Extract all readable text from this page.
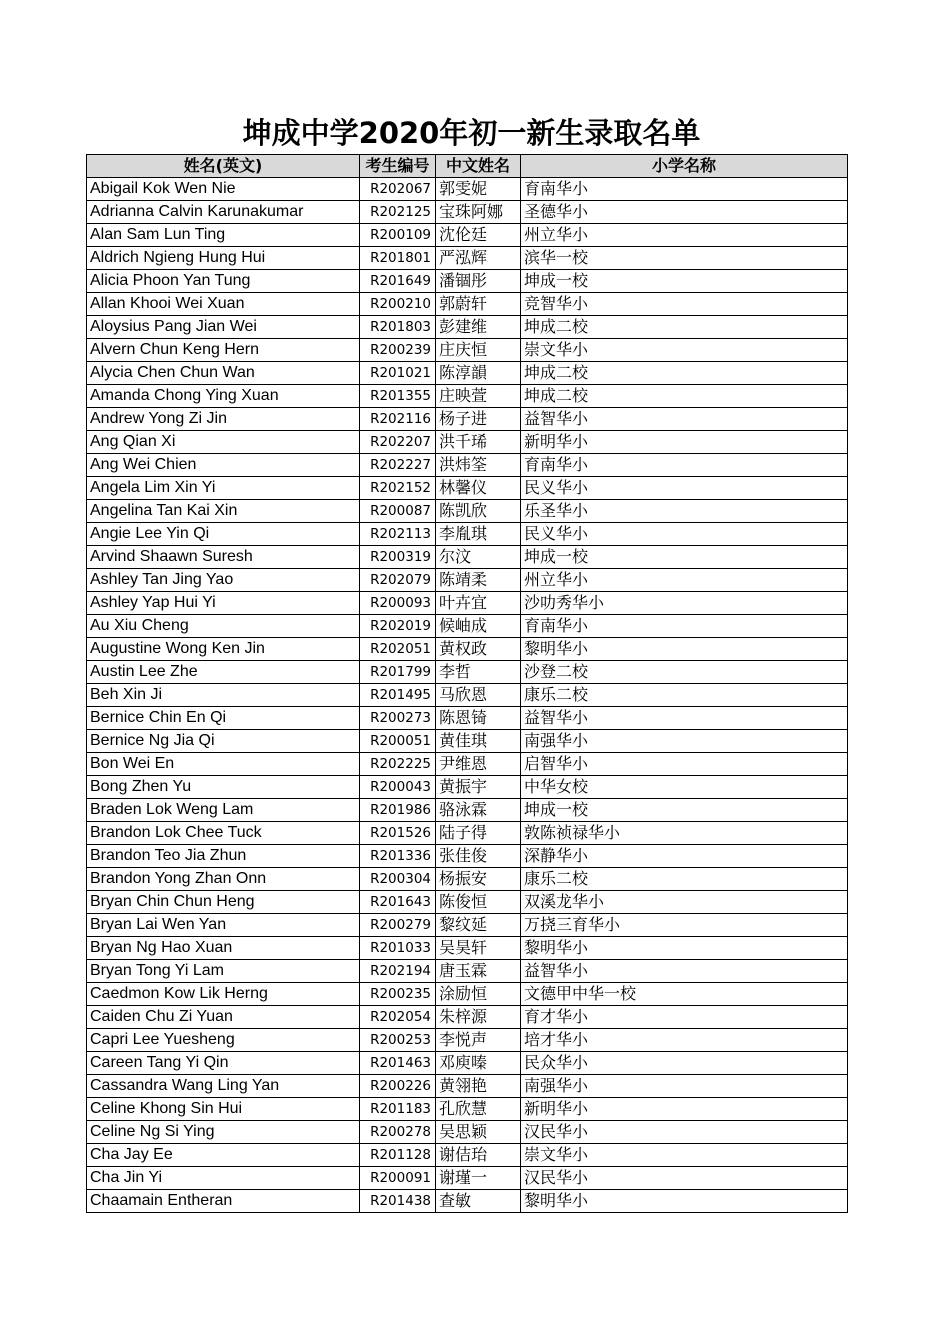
坤成中学2020年初一新生录取名单
姓名(英文)	考生编号	中文姓名	小学名称
Abigail Kok Wen Nie	R202067	郭雯妮	育南华小
Adrianna Calvin Karunakumar	R202125	宝珠阿娜	圣德华小
Alan Sam Lun Ting	R200109	沈伦廷	州立华小
Aldrich Ngieng Hung Hui	R201801	严泓辉	滨华一校
Alicia Phoon Yan Tung	R201649	潘锢彤	坤成一校
Allan Khooi Wei Xuan	R200210	郭蔚轩	竞智华小
Aloysius Pang Jian Wei	R201803	彭建维	坤成二校
Alvern Chun Keng Hern	R200239	庄庆恒	崇文华小
Alycia Chen Chun Wan	R201021	陈淳韻	坤成二校
Amanda Chong Ying Xuan	R201355	庄映萱	坤成二校
Andrew Yong Zi Jin	R202116	杨子进	益智华小
Ang Qian Xi	R202207	洪千琋	新明华小
Ang Wei Chien	R202227	洪炜筌	育南华小
Angela Lim Xin Yi	R202152	林馨仪	民义华小
Angelina Tan Kai Xin	R200087	陈凯欣	乐圣华小
Angie Lee Yin Qi	R202113	李胤琪	民义华小
Arvind Shaawn Suresh	R200319	尔汶	坤成一校
Ashley Tan Jing Yao	R202079	陈靖柔	州立华小
Ashley Yap Hui Yi	R200093	叶卉宜	沙叻秀华小
Au Xiu Cheng	R202019	候岫成	育南华小
Augustine Wong Ken Jin	R202051	黄权政	黎明华小
Austin Lee Zhe	R201799	李哲	沙登二校
Beh Xin Ji	R201495	马欣恩	康乐二校
Bernice Chin En Qi	R200273	陈恩锜	益智华小
Bernice Ng Jia Qi	R200051	黄佳琪	南强华小
Bon Wei En	R202225	尹维恩	启智华小
Bong Zhen Yu	R200043	黄振宇	中华女校
Braden Lok Weng Lam	R201986	骆泳霖	坤成一校
Brandon Lok Chee Tuck	R201526	陆子得	敦陈祯禄华小
Brandon Teo Jia Zhun	R201336	张佳俊	深静华小
Brandon Yong Zhan Onn	R200304	杨振安	康乐二校
Bryan Chin Chun Heng	R201643	陈俊恒	双溪龙华小
Bryan Lai Wen Yan	R200279	黎纹延	万挠三育华小
Bryan Ng Hao Xuan	R201033	吴昊轩	黎明华小
Bryan Tong Yi Lam	R202194	唐玉霖	益智华小
Caedmon Kow Lik Herng	R200235	涂励恒	文德甲中华一校
Caiden Chu Zi Yuan	R202054	朱梓源	育才华小
Capri Lee Yuesheng	R200253	李悦声	培才华小
Careen Tang Yi Qin	R201463	邓庾嗪	民众华小
Cassandra Wang Ling Yan	R200226	黄翎艳	南强华小
Celine Khong Sin Hui	R201183	孔欣慧	新明华小
Celine Ng Si Ying	R200278	吴思颖	汉民华小
Cha Jay Ee	R201128	谢佶珆	崇文华小
Cha Jin Yi	R200091	谢瑾一	汉民华小
Chaamain Entheran	R201438	查敏	黎明华小
